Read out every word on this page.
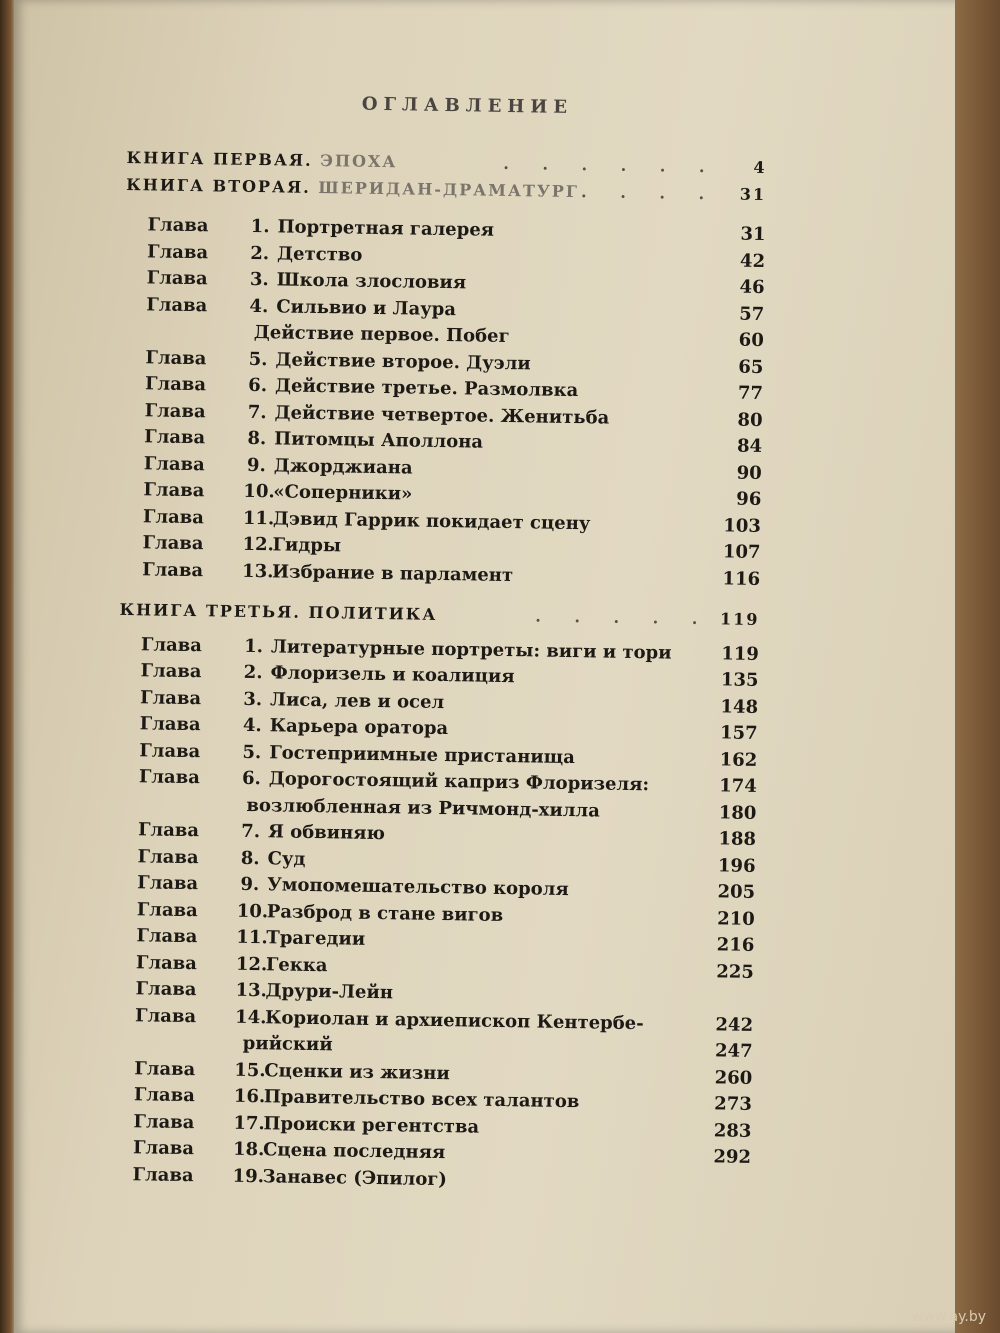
ОГЛАВЛЕНИЕ
КНИГА ПЕРВАЯ. ЭПОХА	. . . . . . 4
КНИГА ВТОРАЯ. ШЕРИДАН-ДРАМАТУРГ . . . . 31
Глава 1. Портретная галерея	31
Глава 2. Детство	42
Глава 3. Школа злословия	46
Глава 4. Сильвио и Лаура	57
Действие первое. Побег	60
Глава 5. Действие второе. Дуэли	65
Глава 6. Действие третье. Размолвка	77
Глава 7. Действие четвертое. Женитьба	80
Глава 8. Питомцы Аполлона	84
Глава 9. Джорджиана	90
Глава 10.«Соперники»	96
Глава 11.Дэвид Гаррик покидает сцену	103
Глава 12.Гидры	107
Глава 13.Избрание в парламент	116
КНИГА ТРЕТЬЯ. ПОЛИТИКА	. . . . . 119
Глава 1. Литературные портреты: виги и тори	119
Глава 2. Флоризель и коалиция	135
Глава 3. Лиса, лев и осел	148
Глава 4. Карьера оратора	157
Глава 5. Гостеприимные пристанища	162
Глава 6. Дорогостоящий каприз Флоризеля:	174
возлюбленная из Ричмонд-хилла	180
Глава 7. Я обвиняю	188
Глава 8. Суд	196
Глава 9. Умопомешательство короля	205
Глава 10.Разброд в стане вигов	210
Глава 11.Трагедии	216
Глава 12.Гекка	225
Глава 13.Друри-Лейн
Глава 14.Кориолан и архиепископ Кентербе-	242
рийский	247
Глава 15.Сценки из жизни	260
Глава 16.Правительство всех талантов	273
Глава 17.Происки регентства	283
Глава 18.Сцена последняя	292
Глава 19.Занавес (Эпилог)
www.ay.by
